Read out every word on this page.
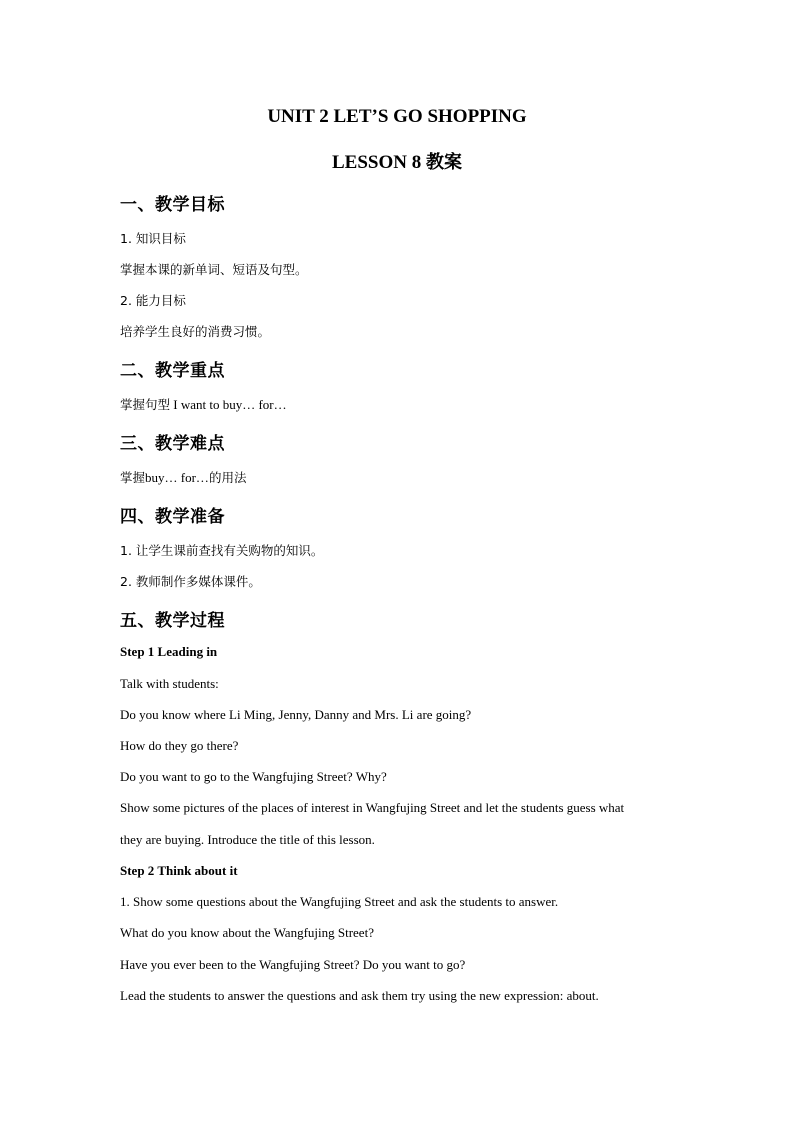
UNIT 2 LET’S GO SHOPPING
LESSON 8 教案
一、教学目标
1. 知识目标
掌握本课的新单词、短语及句型。
2. 能力目标
培养学生良好的消费习惯。
二、教学重点
掌握句型 I want to buy… for…
三、教学难点
掌握buy… for…的用法
四、教学准备
1. 让学生课前查找有关购物的知识。
2. 教师制作多媒体课件。
五、教学过程
Step 1 Leading in
Talk with students:
Do you know where Li Ming, Jenny, Danny and Mrs. Li are going?
How do they go there?
Do you want to go to the Wangfujing Street? Why?
Show some pictures of the places of interest in Wangfujing Street and let the students guess what
they are buying. Introduce the title of this lesson.
Step 2 Think about it
1. Show some questions about the Wangfujing Street and ask the students to answer.
What do you know about the Wangfujing Street?
Have you ever been to the Wangfujing Street? Do you want to go?
Lead the students to answer the questions and ask them try using the new expression: about.
